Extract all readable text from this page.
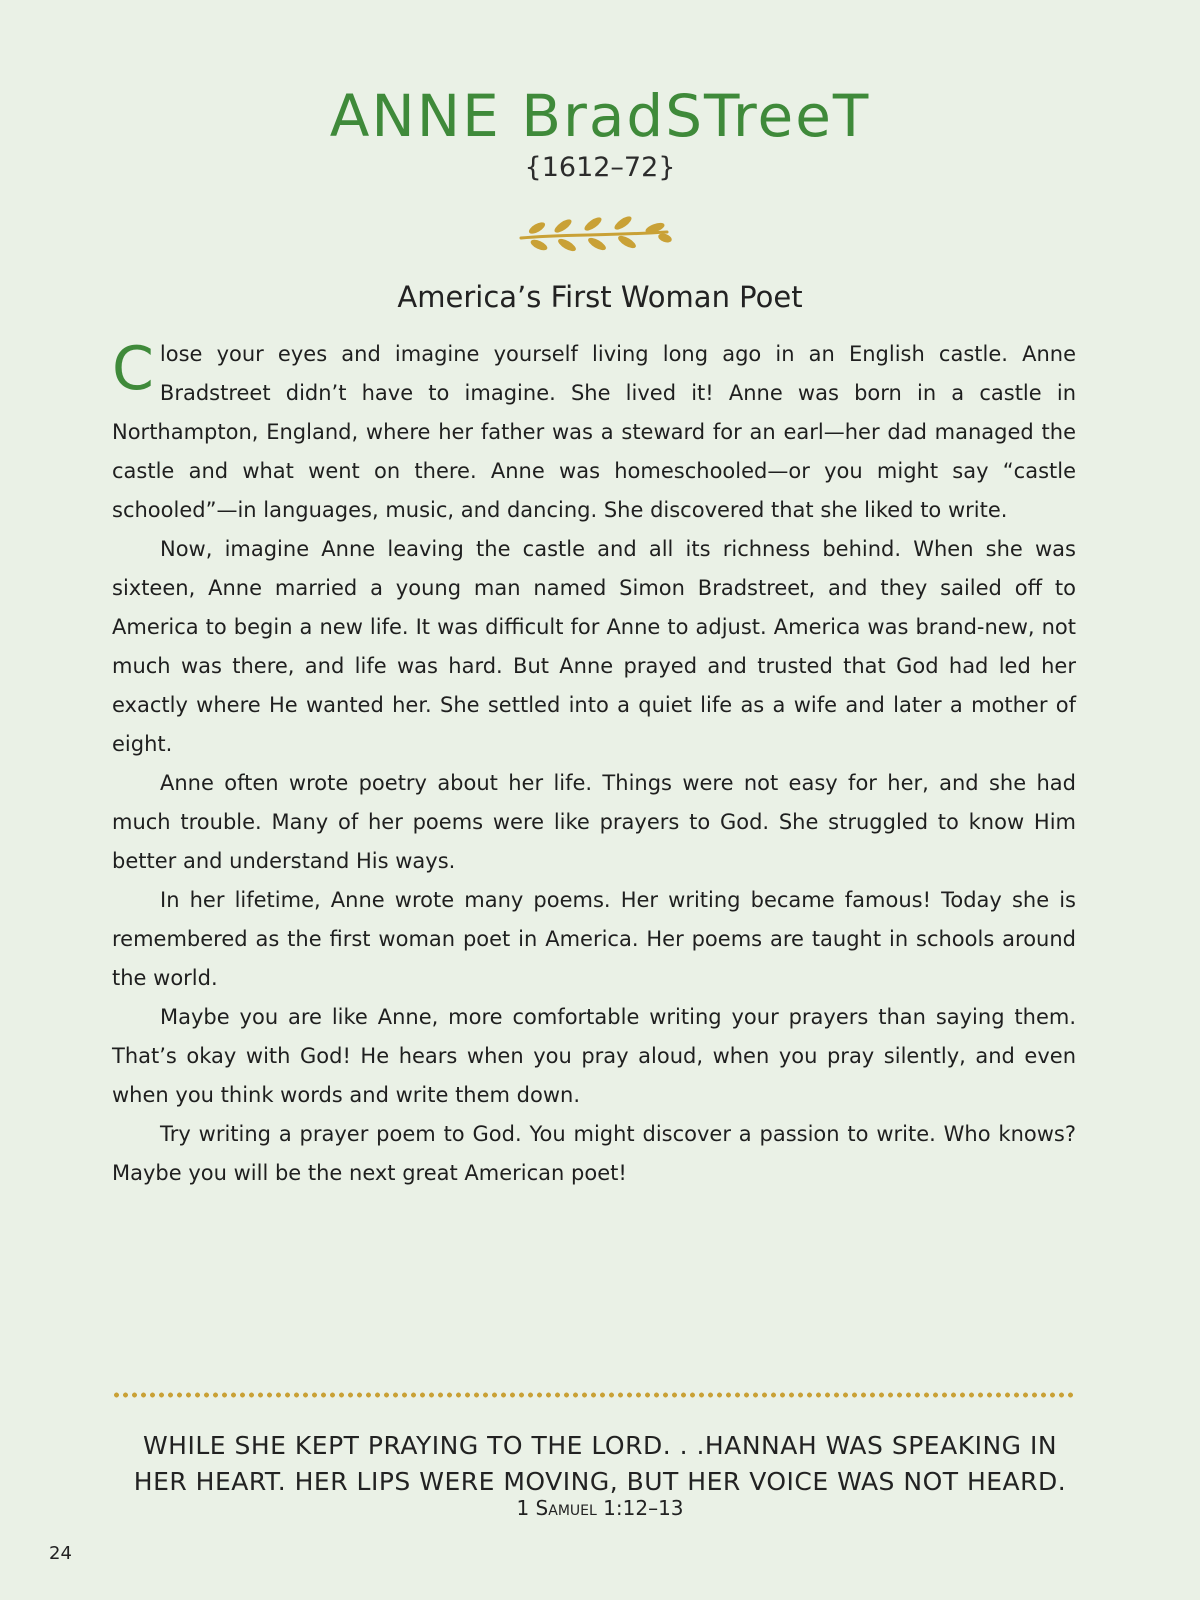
ANNE BradSTreeT
{1612–72}
America’s First Woman Poet

Close your eyes and imagine yourself living long ago in an English castle. Anne Bradstreet didn’t have to imagine. She lived it! Anne was born in a castle in Northampton, England, where her father was a steward for an earl—her dad managed the castle and what went on there. Anne was homeschooled—or you might say “castle schooled”—in languages, music, and dancing. She discovered that she liked to write.

Now, imagine Anne leaving the castle and all its richness behind. When she was sixteen, Anne married a young man named Simon Bradstreet, and they sailed off to America to begin a new life. It was difficult for Anne to adjust. America was brand-new, not much was there, and life was hard. But Anne prayed and trusted that God had led her exactly where He wanted her. She settled into a quiet life as a wife and later a mother of eight.

Anne often wrote poetry about her life. Things were not easy for her, and she had much trouble. Many of her poems were like prayers to God. She struggled to know Him better and understand His ways.

In her lifetime, Anne wrote many poems. Her writing became famous! Today she is remembered as the first woman poet in America. Her poems are taught in schools around the world.

Maybe you are like Anne, more comfortable writing your prayers than saying them. That’s okay with God! He hears when you pray aloud, when you pray silently, and even when you think words and write them down.

Try writing a prayer poem to God. You might discover a passion to write. Who knows? Maybe you will be the next great American poet!

WHILE SHE KEPT PRAYING TO THE LORD. . .HANNAH WAS SPEAKING IN
HER HEART. HER LIPS WERE MOVING, BUT HER VOICE WAS NOT HEARD.
1 Samuel 1:12–13
24
